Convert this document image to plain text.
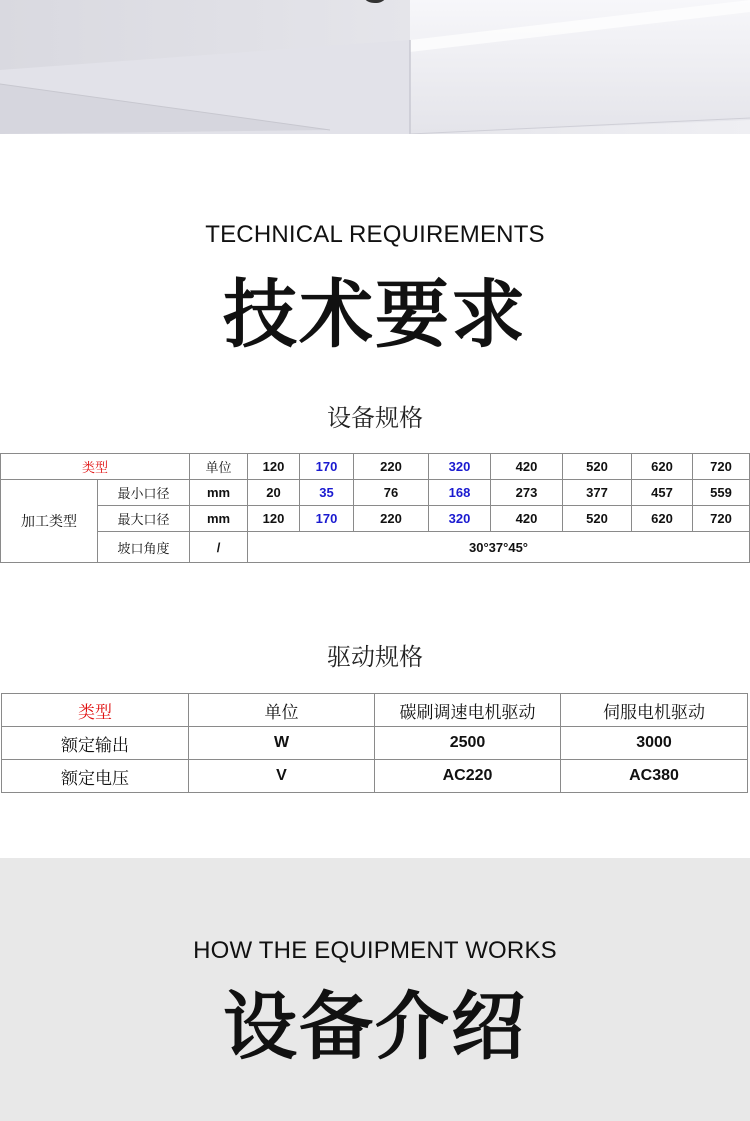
TECHNICAL REQUIREMENTS
技术要求
设备规格
类型		单位	120	170	220	320	420	520	620	720
加工类型	最小口径	mm	20	35	76	168	273	377	457	559
	最大口径	mm	120	170	220	320	420	520	620	720
	坡口角度	/	30°37°45°							
驱动规格
类型	单位	碳刷调速电机驱动	伺服电机驱动
额定输出	W	2500	3000
额定电压	V	AC220	AC380
HOW THE EQUIPMENT WORKS
设备介绍
